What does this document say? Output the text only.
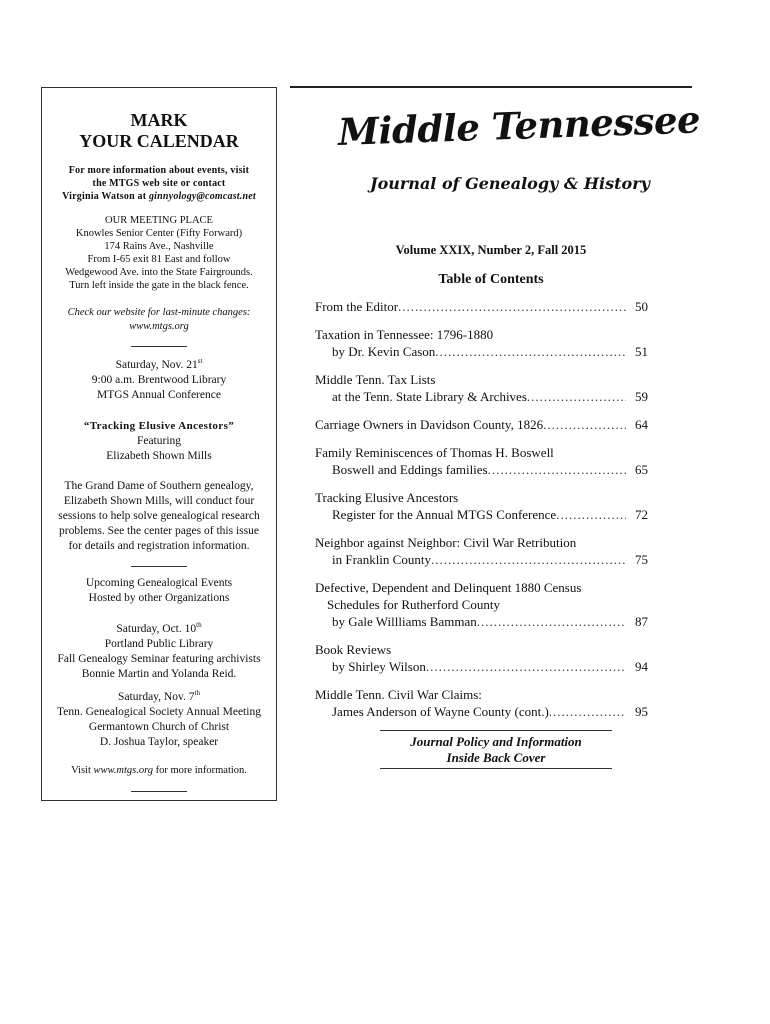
MARK
YOUR CALENDAR
For more information about events, visit
the MTGS web site or contact
Virginia Watson at ginnyology@comcast.net
OUR MEETING PLACE
Knowles Senior Center (Fifty Forward)
174 Rains Ave., Nashville
From I-65 exit 81 East and follow
Wedgewood Ave. into the State Fairgrounds.
Turn left inside the gate in the black fence.
Check our website for last-minute changes:
www.mtgs.org
Saturday, Nov. 21st
9:00 a.m. Brentwood Library
MTGS Annual Conference
“Tracking Elusive Ancestors”
Featuring
Elizabeth Shown Mills
The Grand Dame of Southern genealogy,
Elizabeth Shown Mills, will conduct four
sessions to help solve genealogical research
problems. See the center pages of this issue
for details and registration information.
Upcoming Genealogical Events
Hosted by other Organizations
Saturday, Oct. 10th
Portland Public Library
Fall Genealogy Seminar featuring archivists
Bonnie Martin and Yolanda Reid.
Saturday, Nov. 7th
Tenn. Genealogical Society Annual Meeting
Germantown Church of Christ
D. Joshua Taylor, speaker
Visit www.mtgs.org for more information.
Middle Tennessee
Journal of Genealogy & History
Volume XXIX, Number 2, Fall 2015
Table of Contents
From the Editor .....	50
Taxation in Tennessee: 1796-1880
by Dr. Kevin Cason .....	51
Middle Tenn. Tax Lists
at the Tenn. State Library & Archives .....	59
Carriage Owners in Davidson County, 1826 .....	64
Family Reminiscences of Thomas H. Boswell
Boswell and Eddings families .....	65
Tracking Elusive Ancestors
Register for the Annual MTGS Conference .....	72
Neighbor against Neighbor: Civil War Retribution
in Franklin County .....	75
Defective, Dependent and Delinquent 1880 Census
Schedules for Rutherford County
by Gale Willliams Bamman .....	87
Book Reviews
by Shirley Wilson .....	94
Middle Tenn. Civil War Claims:
James Anderson of Wayne County (cont.) .....	95
Journal Policy and Information
Inside Back Cover
